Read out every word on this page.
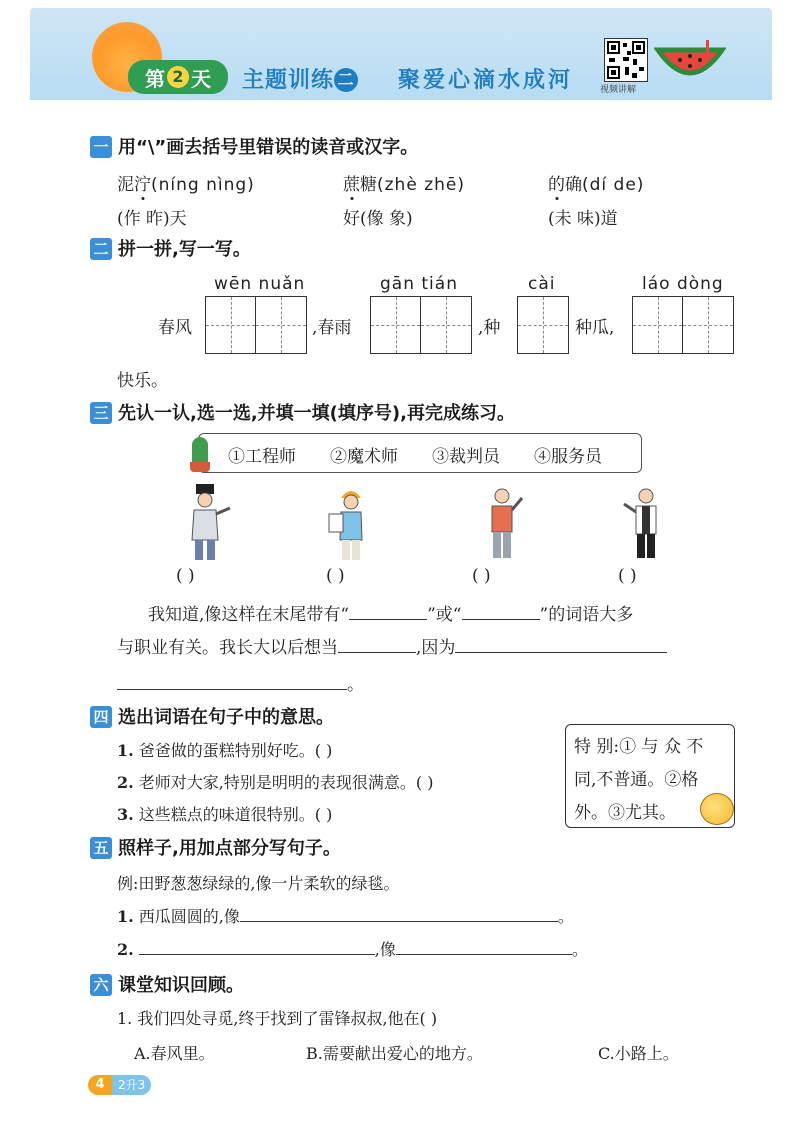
第 2 天 主题训练 二 聚爱心滴水成河	视频讲解
一 用“\”画去括号里错误的读音或汉字。
泥泞(níng nìng)	蔗糖(zhè zhē)	的确(dí de)
(作 昨)天	好(像 象)	(未 味)道
二 拼一拼,写一写。
wēn nuǎn	gān tián	cài	láo dòng
春风	,春雨	,种	种瓜,
快乐。
三 先认一认,选一选,并填一填(填序号),再完成练习。
①工程师 ②魔术师 ③裁判员 ④服务员
( )	( )	( )	( )
我知道,像这样在末尾带有“	”或“	”的词语大多
与职业有关。我长大以后想当	,因为
。
四 选出词语在句子中的意思。
1. 爸爸做的蛋糕特别好吃。( )
2. 老师对大家,特别是明明的表现很满意。( )
3. 这些糕点的味道很特别。( )
特 别:① 与 众 不
同,不普通。②格
外。③尤其。
五 照样子,用加点部分写句子。
例:田野葱葱绿绿的,像一片柔软的绿毯。
1. 西瓜圆圆的,像	。
2.	,像	。
六 课堂知识回顾。
1. 我们四处寻觅,终于找到了雷锋叔叔,他在( )
A.春风里。	B.需要献出爱心的地方。	C.小路上。
4	2升3
